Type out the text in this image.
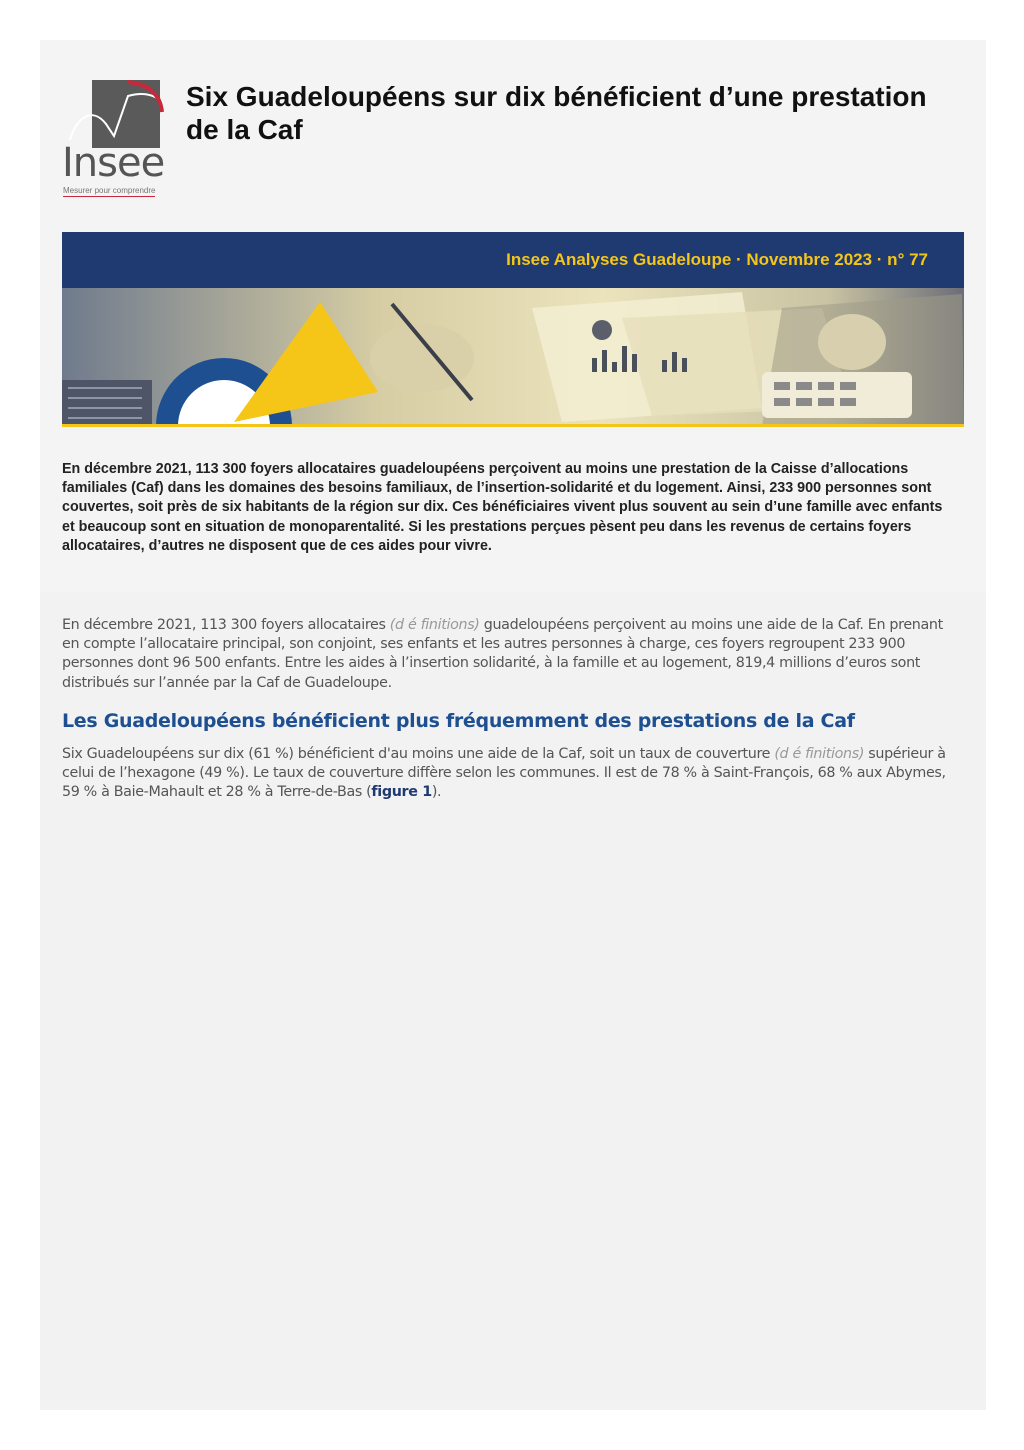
Insee
Mesurer pour comprendre
Six Guadeloupéens sur dix bénéficient d’une prestation de la Caf
Insee Analyses Guadeloupe · Novembre 2023 · n° 77

En décembre 2021, 113 300 foyers allocataires guadeloupéens perçoivent au moins une prestation de la Caisse d’allocations familiales (Caf) dans les domaines des besoins familiaux, de l’insertion-solidarité et du logement. Ainsi, 233 900 personnes sont couvertes, soit près de six habitants de la région sur dix. Ces bénéficiaires vivent plus souvent au sein d’une famille avec enfants et beaucoup sont en situation de monoparentalité. Si les prestations perçues pèsent peu dans les revenus de certains foyers allocataires, d’autres ne disposent que de ces aides pour vivre.

En décembre 2021, 113 300 foyers allocataires (d é finitions) guadeloupéens perçoivent au moins une aide de la Caf. En prenant en compte l’allocataire principal, son conjoint, ses enfants et les autres personnes à charge, ces foyers regroupent 233 900 personnes dont 96 500 enfants. Entre les aides à l’insertion solidarité, à la famille et au logement, 819,4 millions d’euros sont distribués sur l’année par la Caf de Guadeloupe.

Les Guadeloupéens bénéficient plus fréquemment des prestations de la Caf

Six Guadeloupéens sur dix (61 %) bénéficient d'au moins une aide de la Caf, soit un taux de couverture (d é finitions) supérieur à celui de l’hexagone (49 %). Le taux de couverture diffère selon les communes. Il est de 78 % à Saint-François, 68 % aux Abymes, 59 % à Baie-Mahault et 28 % à Terre-de-Bas (figure 1).
